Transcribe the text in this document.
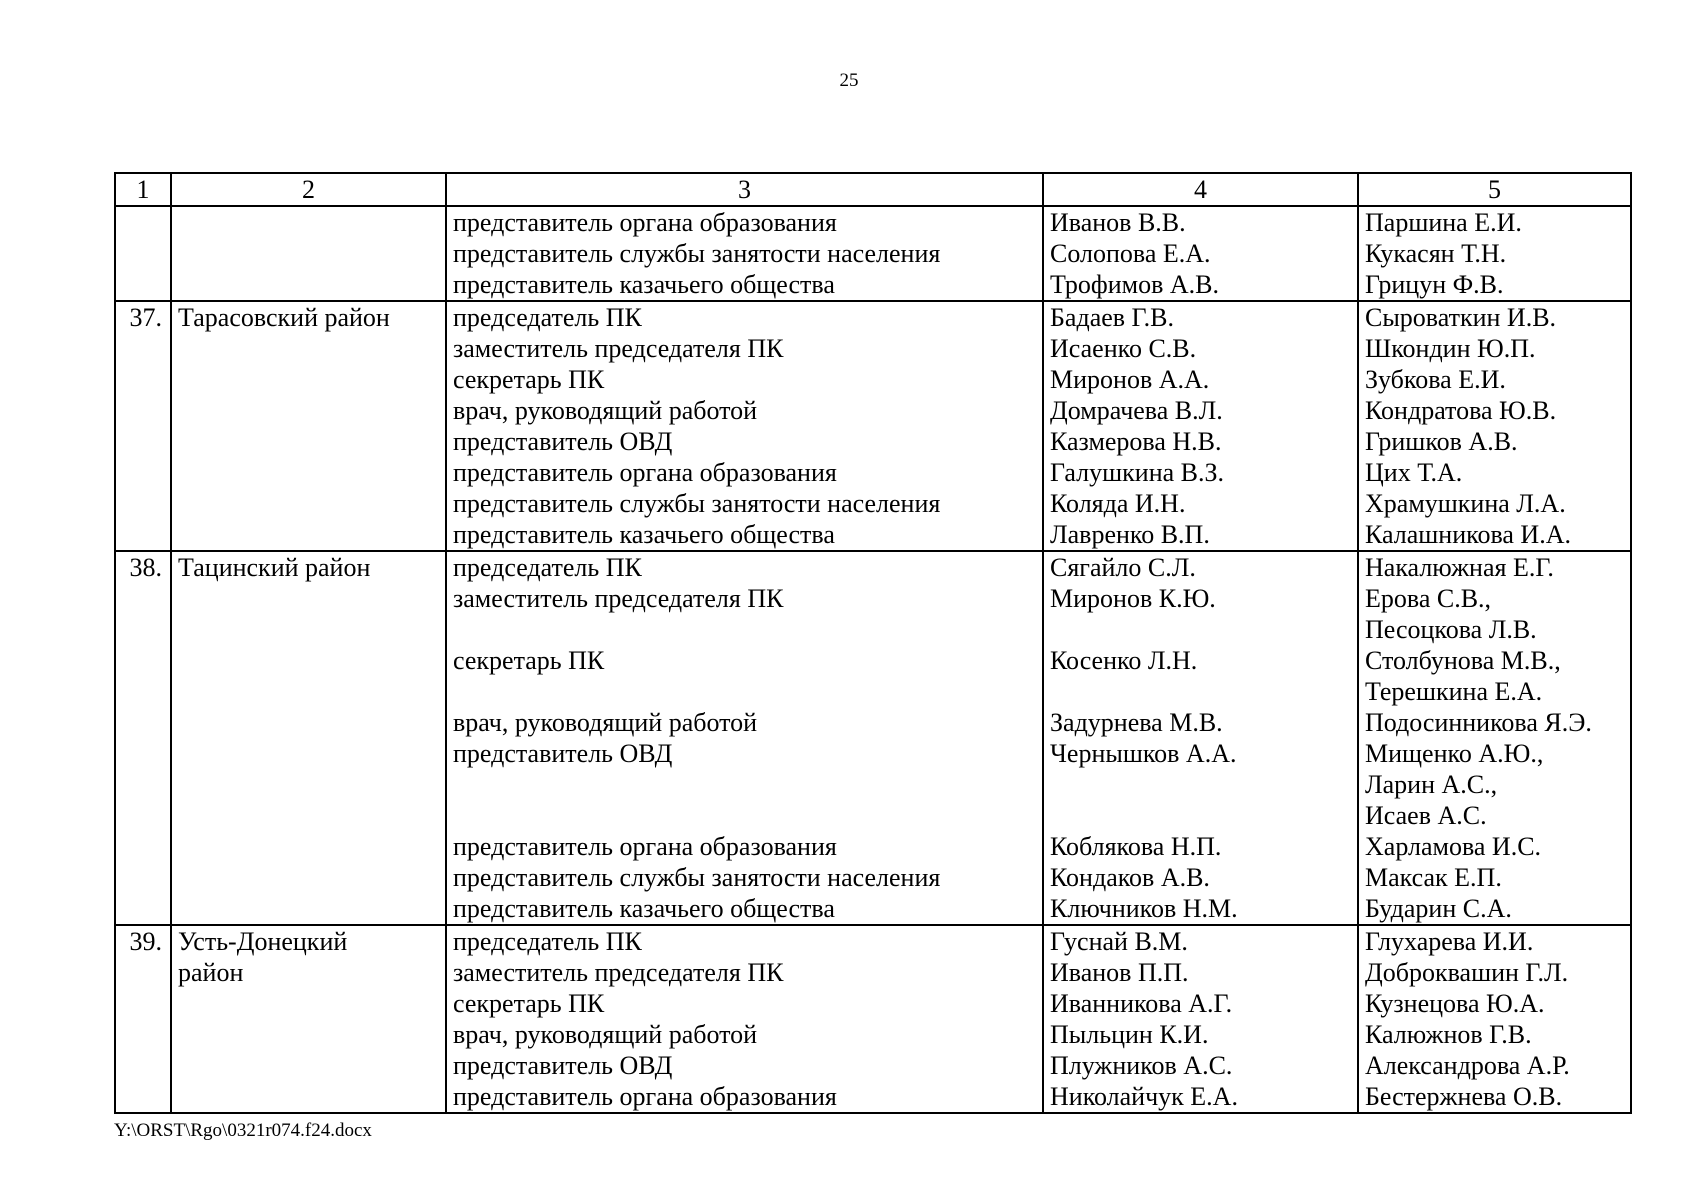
25
1	2	3	4	5
		представитель органа образования	Иванов В.В.	Паршина Е.И.
		представитель службы занятости населения	Солопова Е.А.	Кукасян Т.Н.
		представитель казачьего общества	Трофимов А.В.	Грицун Ф.В.
37.	Тарасовский район	председатель ПК	Бадаев Г.В.	Сыроваткин И.В.
		заместитель председателя ПК	Исаенко С.В.	Шкондин Ю.П.
		секретарь ПК	Миронов А.А.	Зубкова Е.И.
		врач, руководящий работой	Домрачева В.Л.	Кондратова Ю.В.
		представитель ОВД	Казмерова Н.В.	Гришков А.В.
		представитель органа образования	Галушкина В.З.	Цих Т.А.
		представитель службы занятости населения	Коляда И.Н.	Храмушкина Л.А.
		представитель казачьего общества	Лавренко В.П.	Калашникова И.А.
38.	Тацинский район	председатель ПК	Сягайло С.Л.	Накалюжная Е.Г.
		заместитель председателя ПК	Миронов К.Ю.	Ерова С.В.,
				Песоцкова Л.В.
		секретарь ПК	Косенко Л.Н.	Столбунова М.В.,
				Терешкина Е.А.
		врач, руководящий работой	Задурнева М.В.	Подосинникова Я.Э.
		представитель ОВД	Чернышков А.А.	Мищенко А.Ю.,
				Ларин А.С.,
				Исаев А.С.
		представитель органа образования	Коблякова Н.П.	Харламова И.С.
		представитель службы занятости населения	Кондаков А.В.	Максак Е.П.
		представитель казачьего общества	Ключников Н.М.	Бударин С.А.
39.	Усть-Донецкий	председатель ПК	Гуснай В.М.	Глухарева И.И.
	район	заместитель председателя ПК	Иванов П.П.	Доброквашин Г.Л.
		секретарь ПК	Иванникова А.Г.	Кузнецова Ю.А.
		врач, руководящий работой	Пыльцин К.И.	Калюжнов Г.В.
		представитель ОВД	Плужников А.С.	Александрова А.Р.
		представитель органа образования	Николайчук Е.А.	Бестержнева О.В.
Y:\ORST\Rgo\0321r074.f24.docx
